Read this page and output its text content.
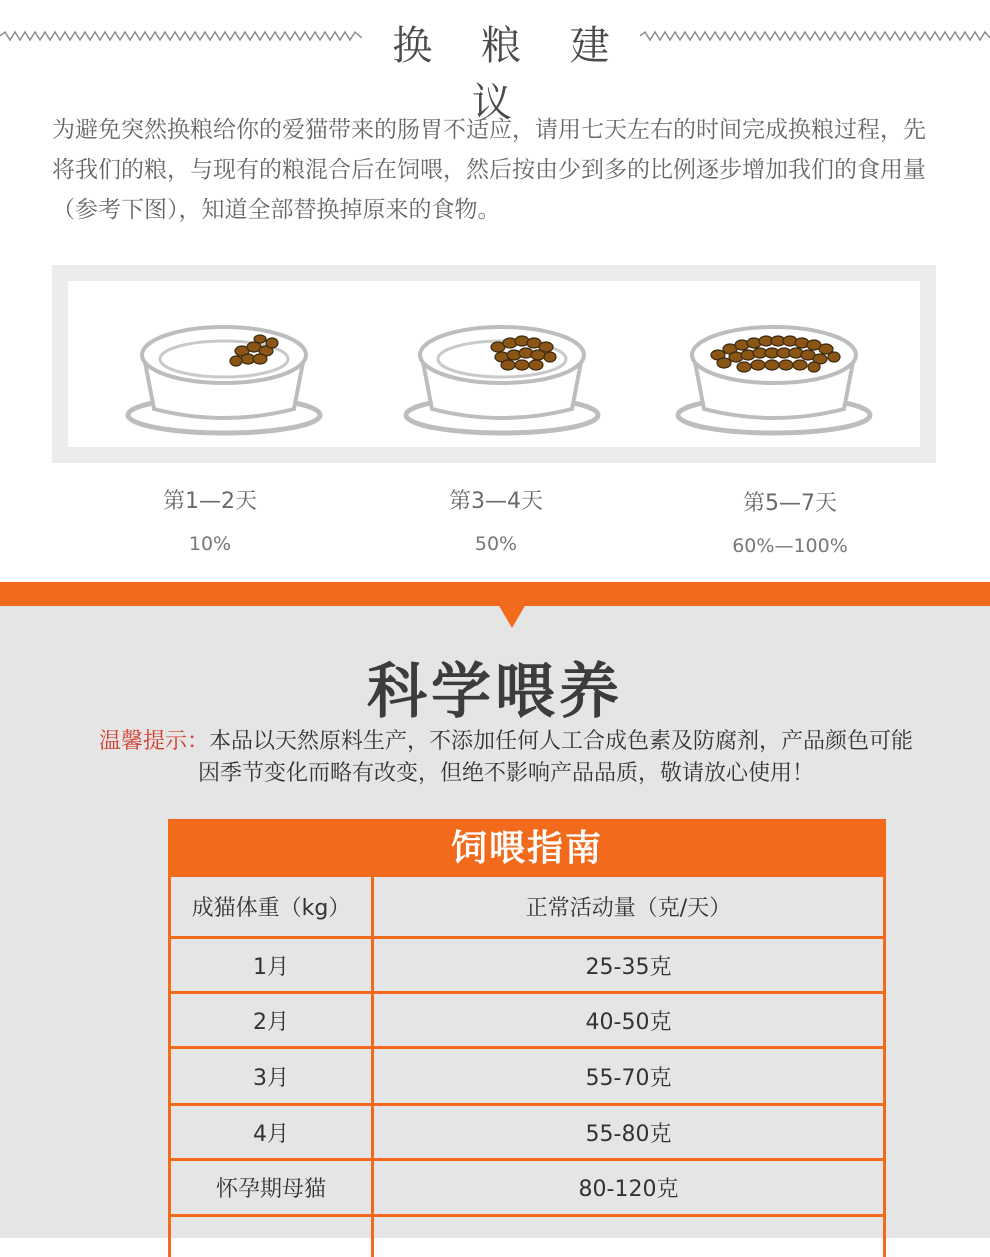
换 粮 建 议

为避免突然换粮给你的爱猫带来的肠胃不适应，请用七天左右的时间完成换粮过程，先将我们的粮，与现有的粮混合后在饲喂，然后按由少到多的比例逐步增加我们的食用量（参考下图），知道全部替换掉原来的食物。

第1—2天
10%
第3—4天
50%
第5—7天
60%—100%
科学喂养
温馨提示：本品以天然原料生产，不添加任何人工合成色素及防腐剂，产品颜色可能因季节变化而略有改变，但绝不影响产品品质，敬请放心使用！
饲喂指南
成猫体重（kg）	正常活动量（克/天）
1月	25-35克
2月	40-50克
3月	55-70克
4月	55-80克
怀孕期母猫	80-120克
